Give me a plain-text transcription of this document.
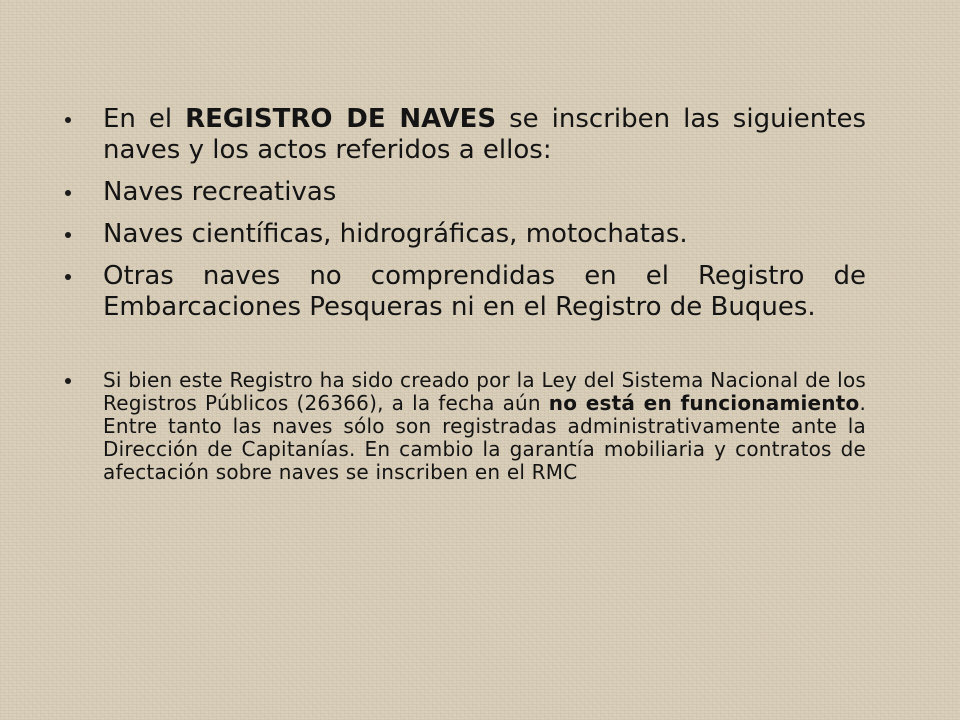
En el REGISTRO DE NAVES se inscriben las siguientes naves y los actos referidos a ellos:
Naves recreativas
Naves científicas, hidrográficas, motochatas.
Otras naves no comprendidas en el Registro de Embarcaciones Pesqueras ni en el Registro de Buques.
Si bien este Registro ha sido creado por la Ley del Sistema Nacional de los Registros Públicos (26366), a la fecha aún no está en funcionamiento. Entre tanto las naves sólo son registradas administrativamente ante la Dirección de Capitanías. En cambio la garantía mobiliaria y contratos de afectación sobre naves se inscriben en el RMC
